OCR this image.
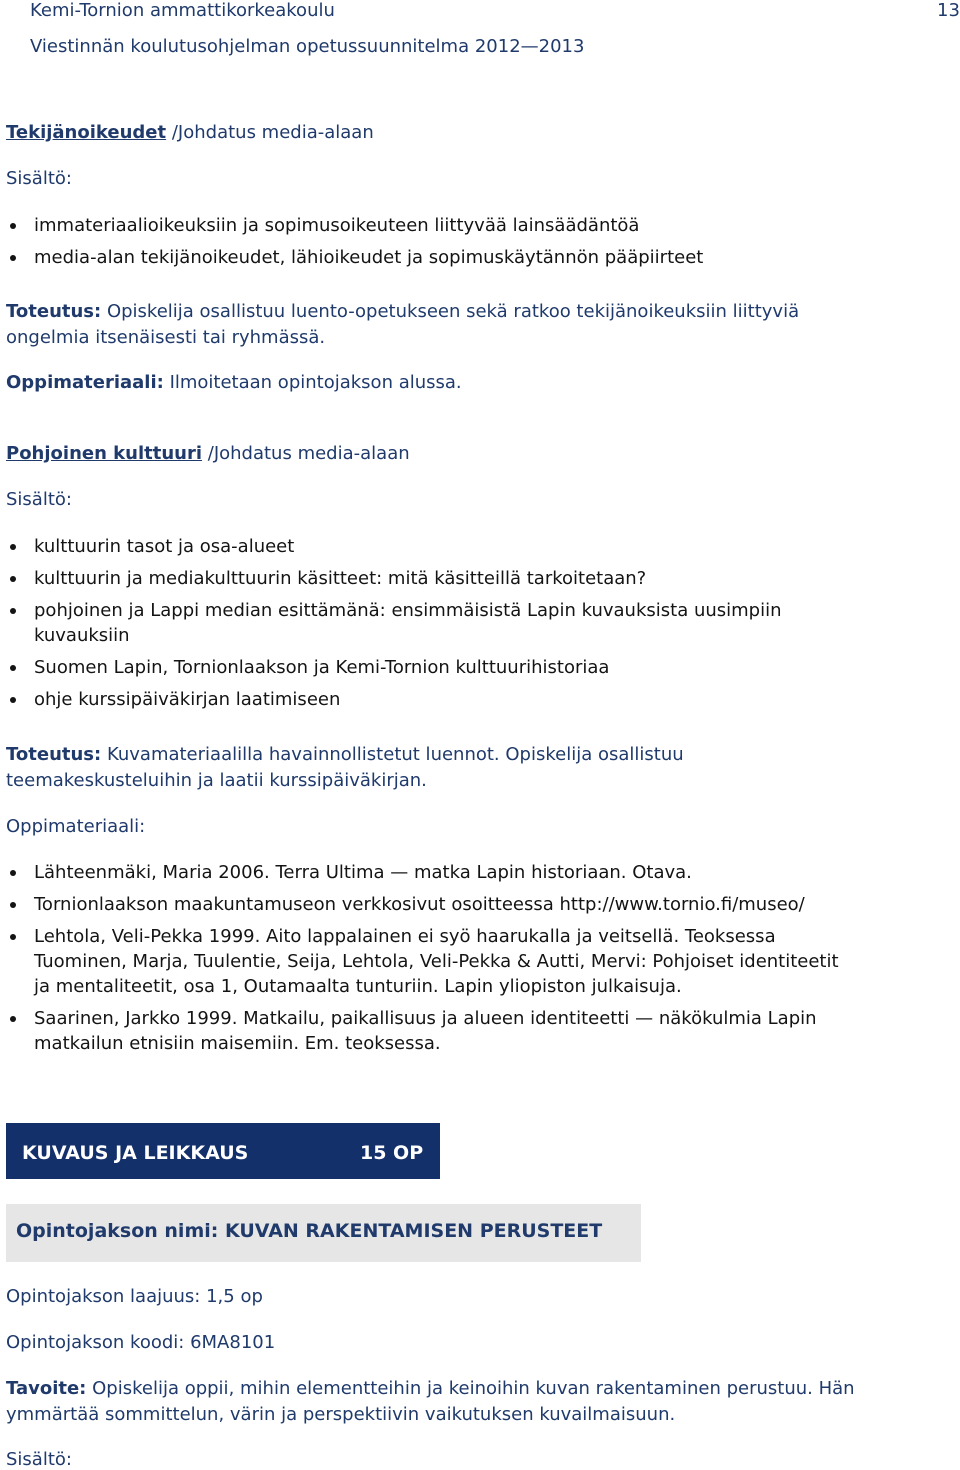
Kemi-Tornion ammattikorkeakoulu	13
Viestinnän koulutusohjelman opetussuunnitelma 2012—2013
Tekijänoikeudet /Johdatus media-alaan
Sisältö:
immateriaalioikeuksiin ja sopimusoikeuteen liittyvää lainsäädäntöä
media-alan tekijänoikeudet, lähioikeudet ja sopimuskäytännön pääpiirteet
Toteutus: Opiskelija osallistuu luento-opetukseen sekä ratkoo tekijänoikeuksiin liittyviä
ongelmia itsenäisesti tai ryhmässä.
Oppimateriaali: Ilmoitetaan opintojakson alussa.
Pohjoinen kulttuuri /Johdatus media-alaan
Sisältö:
kulttuurin tasot ja osa-alueet
kulttuurin ja mediakulttuurin käsitteet: mitä käsitteillä tarkoitetaan?
pohjoinen ja Lappi median esittämänä: ensimmäisistä Lapin kuvauksista uusimpiin
kuvauksiin
Suomen Lapin, Tornionlaakson ja Kemi-Tornion kulttuurihistoriaa
ohje kurssipäiväkirjan laatimiseen
Toteutus: Kuvamateriaalilla havainnollistetut luennot. Opiskelija osallistuu
teemakeskusteluihin ja laatii kurssipäiväkirjan.
Oppimateriaali:
Lähteenmäki, Maria 2006. Terra Ultima — matka Lapin historiaan. Otava.
Tornionlaakson maakuntamuseon verkkosivut osoitteessa http://www.tornio.fi/museo/
Lehtola, Veli-Pekka 1999. Aito lappalainen ei syö haarukalla ja veitsellä. Teoksessa
Tuominen, Marja, Tuulentie, Seija, Lehtola, Veli-Pekka & Autti, Mervi: Pohjoiset identiteetit
ja mentaliteetit, osa 1, Outamaalta tunturiin. Lapin yliopiston julkaisuja.
Saarinen, Jarkko 1999. Matkailu, paikallisuus ja alueen identiteetti — näkökulmia Lapin
matkailun etnisiin maisemiin. Em. teoksessa.
KUVAUS JA LEIKKAUS	15 OP
Opintojakson nimi: KUVAN RAKENTAMISEN PERUSTEET
Opintojakson laajuus: 1,5 op
Opintojakson koodi: 6MA8101
Tavoite: Opiskelija oppii, mihin elementteihin ja keinoihin kuvan rakentaminen perustuu. Hän
ymmärtää sommittelun, värin ja perspektiivin vaikutuksen kuvailmaisuun.
Sisältö:
